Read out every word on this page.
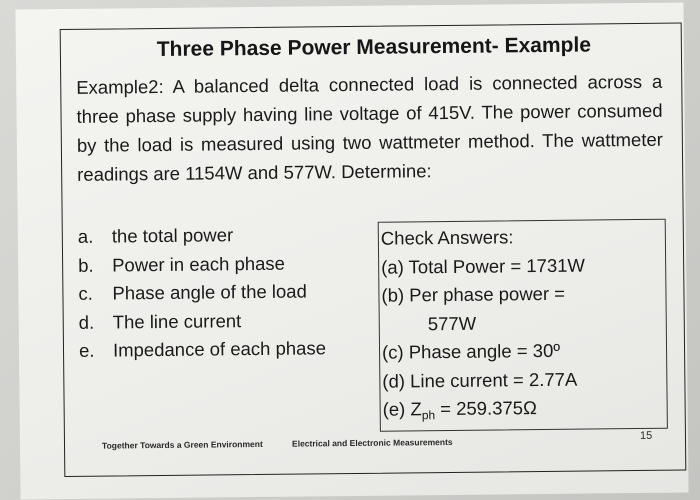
Three Phase Power Measurement- Example
Example2: A balanced delta connected load is connected across a three phase supply having line voltage of 415V. The power consumed by the load is measured using two wattmeter method. The wattmeter readings are 1154W and 577W. Determine:
a. the total power
b. Power in each phase
c.	Phase angle of the load
d. The line current
e. Impedance of each phase
Check Answers:
(a) Total Power = 1731W
(b) Per phase power =
577W
(c) Phase angle = 30º
(d) Line current = 2.77A
(e) $Z_{ph} = 259.375\Omega$
Together Towards a Green Environment	Electrical and Electronic Measurements
15
